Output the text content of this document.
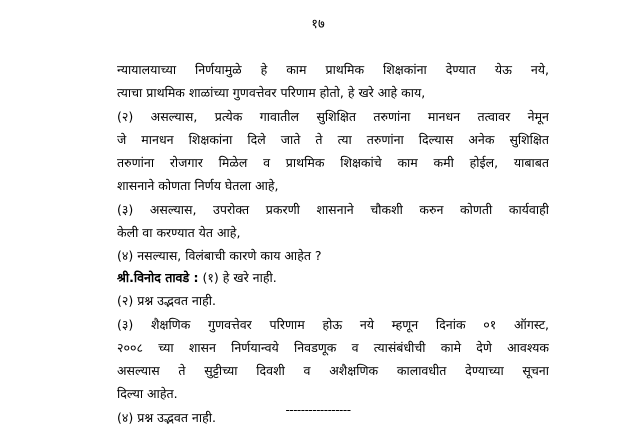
१७
न्यायालयाच्या निर्णयामुळे हे काम प्राथमिक शिक्षकांना देण्यात येऊ नये,
त्याचा प्राथमिक शाळांच्या गुणवत्तेवर परिणाम होतो, हे खरे आहे काय,
(२) असल्यास, प्रत्येक गावातील सुशिक्षित तरुणांना मानधन तत्वावर नेमून
जे मानधन शिक्षकांना दिले जाते ते त्या तरुणांना दिल्यास अनेक सुशिक्षित
तरुणांना रोजगार मिळेल व प्राथमिक शिक्षकांचे काम कमी होईल, याबाबत
शासनाने कोणता निर्णय घेतला आहे,
(३) असल्यास, उपरोक्त प्रकरणी शासनाने चौकशी करुन कोणती कार्यवाही
केली वा करण्यात येत आहे,
(४) नसल्यास, विलंबाची कारणे काय आहेत ?
श्री.विनोद तावडे : (१) हे खरे नाही.
(२) प्रश्न उद्भवत नाही.
(३) शैक्षणिक गुणवत्तेवर परिणाम होऊ नये म्हणून दिनांक ०१ ऑगस्ट,
२००८ च्या शासन निर्णयान्वये निवडणूक व त्यासंबंधीची कामे देणे आवश्यक
असल्यास ते सुट्टीच्या दिवशी व अशैक्षणिक कालावधीत देण्याच्या सूचना
दिल्या आहेत.
(४) प्रश्न उद्भवत नाही.	-----------------
